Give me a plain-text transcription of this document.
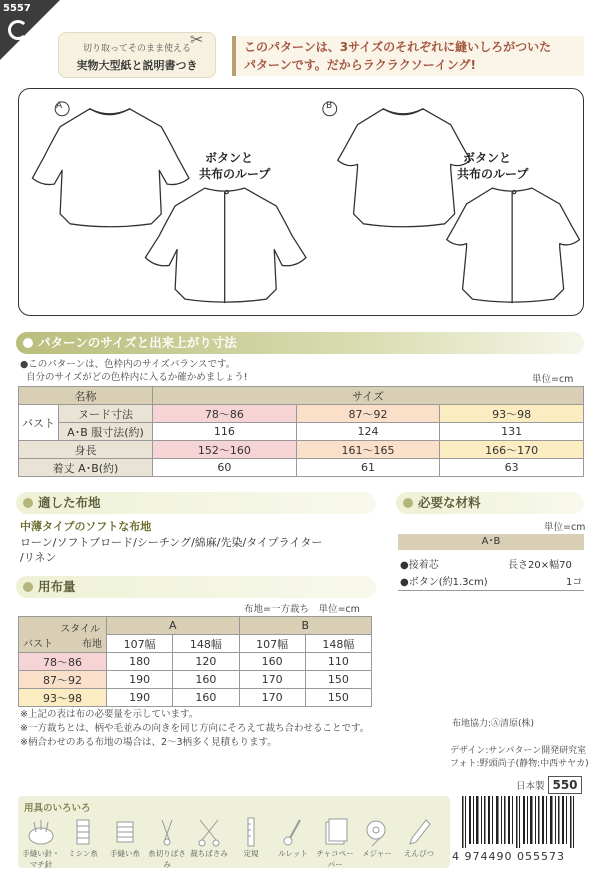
5557
切り取ってそのまま使える
実物大型紙と説明書つき
✂	このパターンは、3サイズのそれぞれに縫いしろがついた
パターンです。だからラクラクソーイング!
A	B
ボタンと
共布のループ
ボタンと
共布のループ
パターンのサイズと出来上がり寸法
●このパターンは、色枠内のサイズバランスです。
自分のサイズがどの色枠内に入るか確かめましょう!	単位=cm
名称		サイズ		
バスト	ヌード寸法	78〜86	87〜92	93〜98
	A･B 服寸法(約)	116	124	131
身長		152〜160	161〜165	166〜170
着丈 A･B(約)		60	61	63
適した布地
中薄タイプのソフトな布地
ローン/ソフトブロード/シーチング/綿麻/先染/タイプライター
/リネン
必要な材料
単位=cm
A･B
●接着芯	長さ20×幅70
●ボタン(約1.3cm)	1コ
用布量
布地=一方裁ち　単位=cm
スタイル
バスト 布地	A		B	
	107幅	148幅	107幅	148幅
78〜86	180	120	160	110
87〜92	190	160	170	150
93〜98	190	160	170	150
※上記の表は布の必要量を示しています。
※一方裁ちとは、柄や毛並みの向きを同じ方向にそろえて裁ち合わせることです。
※柄合わせのある布地の場合は、2〜3柄多く見積もります。
布地協力:Ⓐ清原(株)
デザイン:サンパターン開発研究室
フォト:野頭尚子(静物:中西サヤカ)
日本製 550
用具のいろいろ
手縫い針・マチ針
ミシン糸	手縫い糸	糸切りばさみ
裁ちばさみ	定規	ルレット	チャコペーパー
メジャー	えんぴつ	4 974490 055573
